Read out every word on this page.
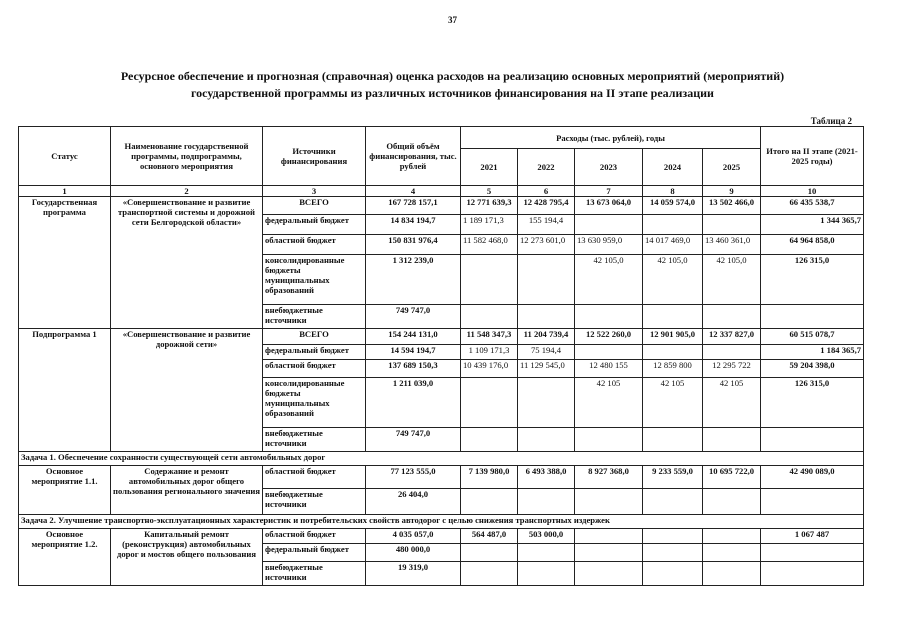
37
Ресурсное обеспечение и прогнозная (справочная) оценка расходов на реализацию основных мероприятий (мероприятий)
государственной программы из различных источников финансирования на II этапе реализации
Таблица 2
Статус	Наименование государственной программы, подпрограммы, основного мероприятия	Источники финансирования	Общий объём финансирования, тыс. рублей	Расходы (тыс. рублей), годы					Итого на II этапе (2021-2025 годы)
				2021	2022	2023	2024	2025	
1	2	3	4	5	6	7	8	9	10
Государственная программа	«Совершенствование и развитие транспортной системы и дорожной сети Белгородской области»	ВСЕГО	167 728 157,1	12 771 639,3	12 428 795,4	13 673 064,0	14 059 574,0	13 502 466,0	66 435 538,7
		федеральный бюджет	14 834 194,7	1 189 171,3	155 194,4				1 344 365,7
		областной бюджет	150 831 976,4	11 582 468,0	12 273 601,0	13 630 959,0	14 017 469,0	13 460 361,0	64 964 858,0
		консолидированные бюджеты муниципальных образований	1 312 239,0			42 105,0	42 105,0	42 105,0	126 315,0
		внебюджетные источники	749 747,0						
Подпрограмма 1	«Совершенствование и развитие дорожной сети»	ВСЕГО	154 244 131,0	11 548 347,3	11 204 739,4	12 522 260,0	12 901 905,0	12 337 827,0	60 515 078,7
		федеральный бюджет	14 594 194,7	1 109 171,3	75 194,4				1 184 365,7
		областной бюджет	137 689 150,3	10 439 176,0	11 129 545,0	12 480 155	12 859 800	12 295 722	59 204 398,0
		консолидированные бюджеты муниципальных образований	1 211 039,0			42 105	42 105	42 105	126 315,0
		внебюджетные источники	749 747,0						
Задача 1. Обеспечение сохранности существующей сети автомобильных дорог									
Основное мероприятие 1.1.	Содержание и ремонт автомобильных дорог общего пользования регионального значения	областной бюджет	77 123 555,0	7 139 980,0	6 493 388,0	8 927 368,0	9 233 559,0	10 695 722,0	42 490 089,0
		внебюджетные источники	26 404,0						
Задача 2. Улучшение транспортно-эксплуатационных характеристик и потребительских свойств автодорог с целью снижения транспортных издержек									
Основное мероприятие 1.2.	Капитальный ремонт (реконструкция) автомобильных дорог и мостов общего пользования	областной бюджет	4 035 057,0	564 487,0	503 000,0				1 067 487
		федеральный бюджет	480 000,0						
		внебюджетные источники	19 319,0						
